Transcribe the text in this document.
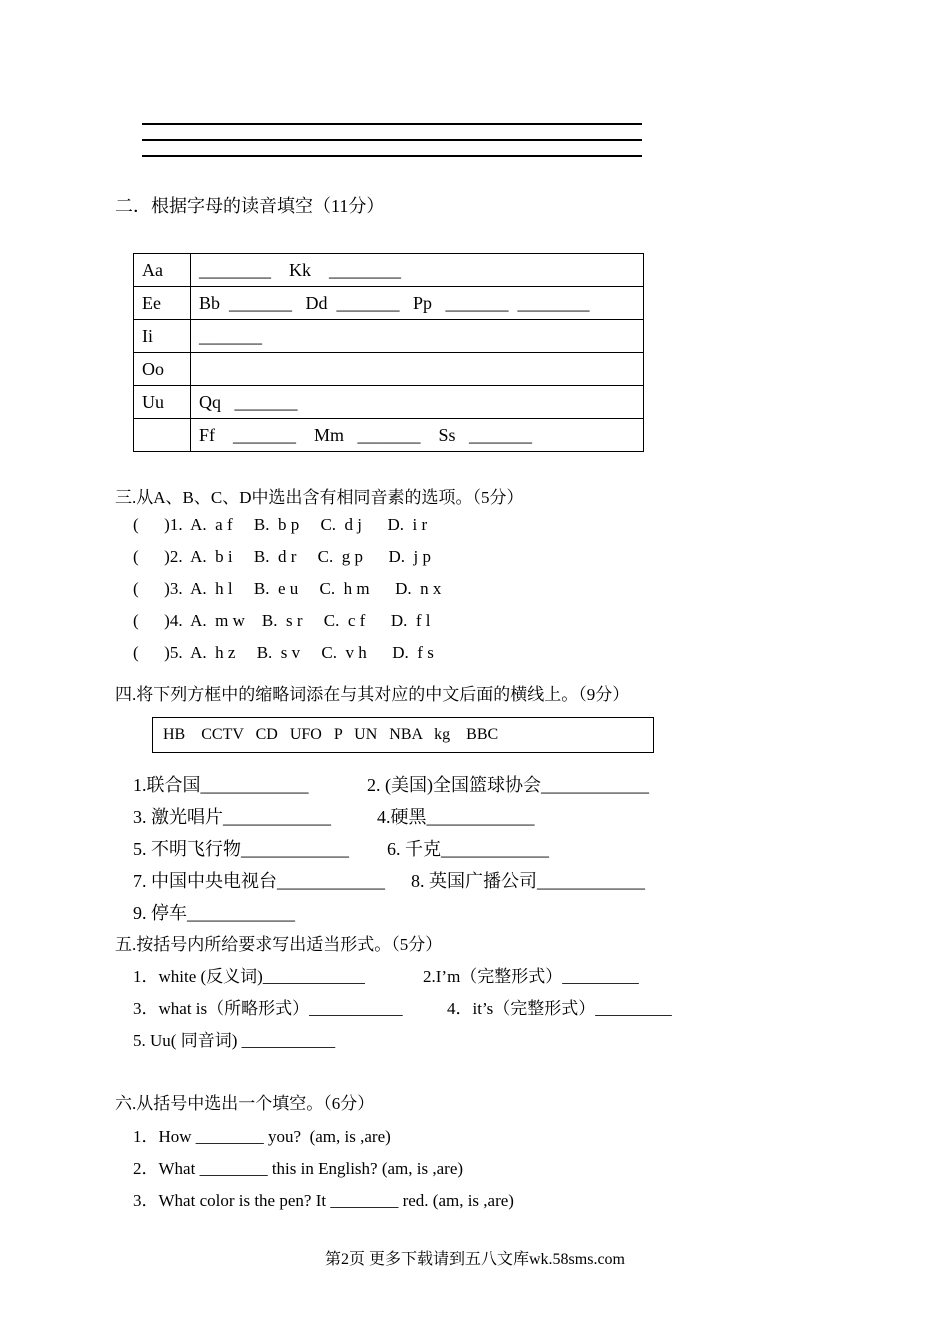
二．根据字母的读音填空（11分）
Aa	________    Kk    ________
Ee	Bb  _______   Dd  _______   Pp   _______  ________
Ii	_______
Oo	
Uu	Qq   _______
	Ff    _______    Mm   _______    Ss   _______
三.从A、B、C、D中选出含有相同音素的选项。（5分）
(      )1.  A.  a f     B.  b p     C.  d j      D.  i r
(      )2.  A.  b i     B.  d r     C.  g p      D.  j p
(      )3.  A.  h l     B.  e u     C.  h m      D.  n x
(      )4.  A.  m w    B.  s r     C.  c f      D.  f l
(      )5.  A.  h z     B.  s v     C.  v h      D.  f s
四.将下列方框中的缩略词添在与其对应的中文后面的横线上。（9分）
HB    CCTV   CD   UFO   P   UN   NBA   kg    BBC
1.联合国____________	2. (美国)全国篮球协会____________
3. 激光唱片____________	4.硬黑____________
5. 不明飞行物____________ 6. 千克____________
7. 中国中央电视台____________ 8. 英国广播公司____________
9. 停车____________
五.按括号内所给要求写出适当形式。（5分）
1．white (反义词)____________	2.I’m（完整形式）_________
3．what is（所略形式）___________	4．it’s（完整形式）_________
5. Uu( 同音词) ___________
六.从括号中选出一个填空。（6分）
1．How ________ you?  (am, is ,are)
2．What ________ this in English? (am, is ,are)
3．What color is the pen? It ________ red. (am, is ,are)
第2页 更多下载请到五八文库wk.58sms.com
